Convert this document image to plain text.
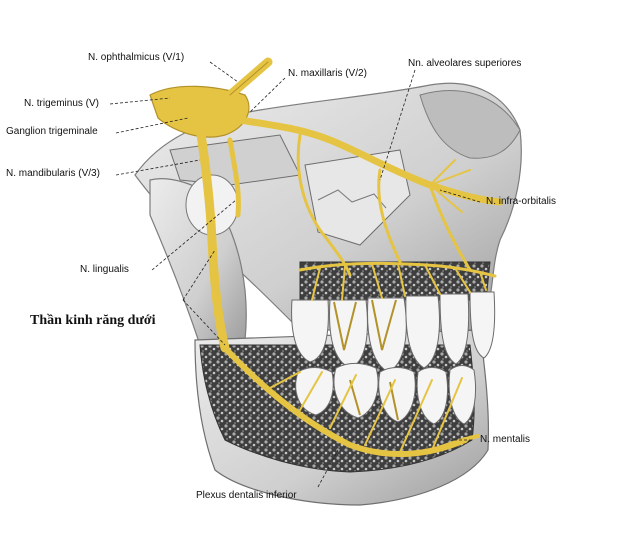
N. ophthalmicus (V/1)
N. maxillaris (V/2)
Nn. alveolares superiores
N. trigeminus (V)
Ganglion trigeminale
N. mandibularis (V/3)
N. infra-orbitalis
N. lingualis
Thần kinh răng dưới
N. mentalis
Plexus dentalis inferior
